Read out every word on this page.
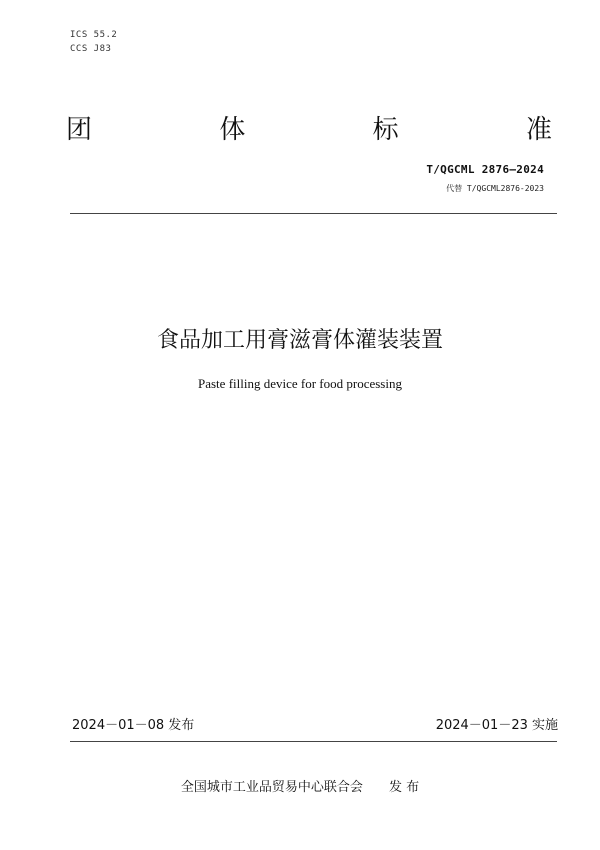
ICS 55.2
CCS J83
团	体	标	准
T/QGCML 2876—2024
代替 T/QGCML2876-2023
食品加工用膏滋膏体灌装装置
Paste filling device for food processing
2024－01－08 发布	2024－01－23 实施
全国城市工业品贸易中心联合会 发 布
